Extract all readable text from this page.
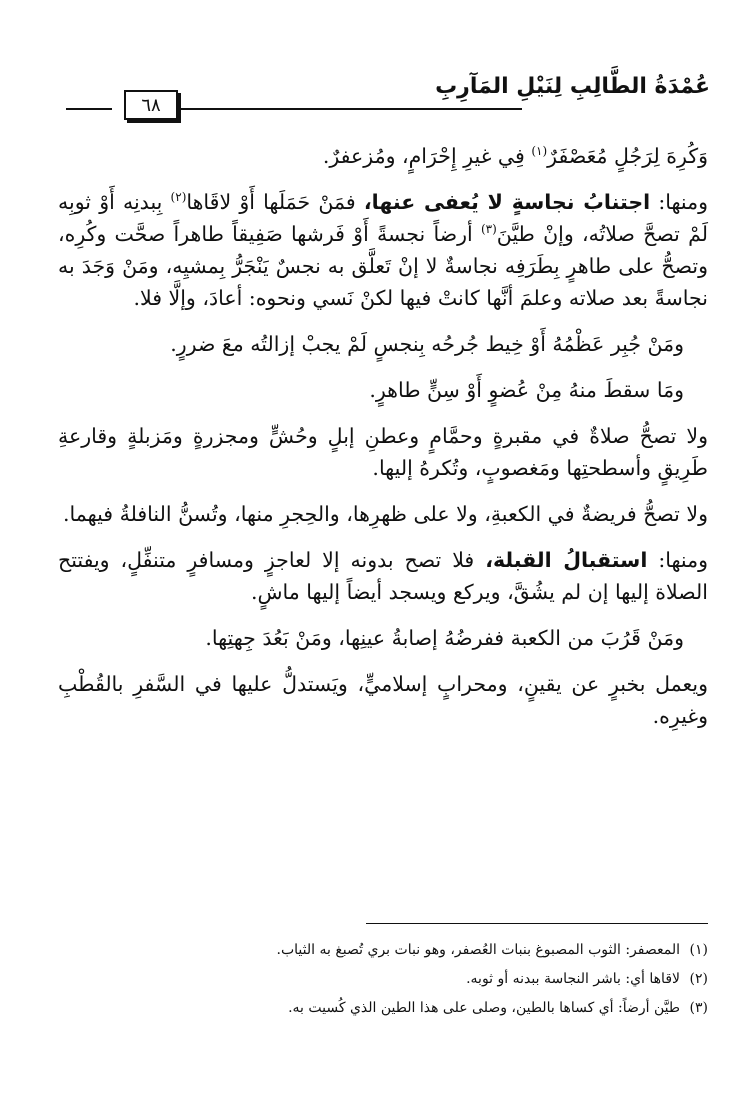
عُمْدَةُ الطَّالِبِ لِنَيْلِ المَآرِبِ
٦٨

وَكُرِهَ لِرَجُلٍ مُعَصْفَرٌ$^{(١)}$ فِي غيرِ إِحْرَامٍ، ومُزعفرٌ.

ومنها: اجتنابُ نجاسةٍ لا يُعفى عنها، فمَنْ حَمَلَها أَوْ لاقَاها$^{(٢)}$ بِبدنِه أَوْ ثوبِه لَمْ تصحَّ صلاتُه، وإنْ طيَّنَ$^{(٣)}$ أرضاً نجسةً أَوْ فَرشها صَفِيقاً طاهراً صحَّت وكُرِه، وتصحُّ على طاهرٍ بِطَرَفِه نجاسةٌ لا إنْ تَعلَّق به نجسٌ يَنْجَرُّ بِمشيِه، ومَنْ وَجَدَ به نجاسةً بعد صلاته وعلمَ أنَّها كانتْ فيها لكنْ نَسي ونحوه: أعادَ، وإلَّا فلا.

ومَنْ جُبِر عَظْمُهُ أَوْ خِيط جُرحُه بِنجسٍ لَمْ يجبْ إزالتُه معَ ضررٍ.

ومَا سقطَ منهُ مِنْ عُضوٍ أَوْ سِنٍّ طاهرٍ.

ولا تصحُّ صلاةٌ في مقبرةٍ وحمَّامٍ وعطنِ إبلٍ وحُشٍّ ومجزرةٍ ومَزبلةٍ وقارعةِ طَرِيقٍ وأسطحتِها ومَغصوبٍ، وتُكرهُ إليها.

ولا تصحُّ فريضةٌ في الكعبةِ، ولا على ظهرِها، والحِجرِ منها، وتُسنُّ النافلةُ فيهما.

ومنها: استقبالُ القبلة، فلا تصح بدونه إلا لعاجزٍ ومسافرٍ متنفِّلٍ، ويفتتح الصلاة إليها إن لم يشُقَّ، ويركع ويسجد أيضاً إليها ماشٍ.

ومَنْ قَرُبَ من الكعبة ففرضُهُ إصابةُ عينِها، ومَنْ بَعُدَ جِهتِها.

ويعمل بخبرٍ عن يقينٍ، ومحرابٍ إسلاميٍّ، ويَستدلُّ عليها في السَّفرِ بالقُطْبِ وغيرِه.

(١)المعصفر: الثوب المصبوغ بنبات العُصفر، وهو نبات بري تُصبغ به الثياب.
(٢)لاقاها أي: باشر النجاسة ببدنه أو ثوبه.
(٣)طيَّن أرضاً: أي كساها بالطين، وصلى على هذا الطين الذي كُسيت به.
